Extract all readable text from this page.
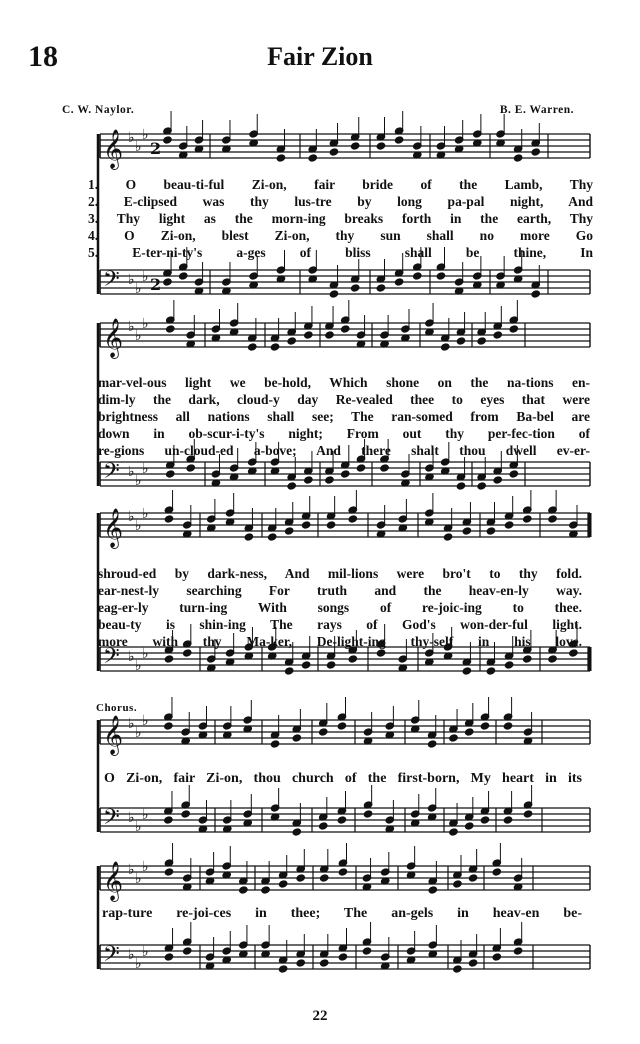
18	Fair Zion
C. W. Naylor.	B. E. Warren.
𝄞 ♭
♭
♭
2
𝄢 ♭
♭
♭ 2
𝄞 ♭
♭
♭
𝄢 ♭
♭
♭
𝄞 ♭
♭
♭
𝄢 ♭
♭
♭
𝄞 ♭
♭
♭
𝄢 ♭
♭
♭
𝄞 ♭
♭
♭
𝄢 ♭
♭
♭
1. O beau-ti-ful Zi-on, fair bride of the Lamb, Thy
2. E-clipsed was thy lus-tre by long pa-pal night, And
3. Thy light as the morn-ing breaks forth in the earth, Thy
4. O Zi-on, blest Zi-on, thy sun shall no more Go
5. E-ter-ni-ty's a-ges of bliss shall be thine, In
mar-vel-ous light we be-hold, Which shone on the na-tions en-
dim-ly the dark, cloud-y day Re-vealed thee to eyes that were
brightness all nations shall see; The ran-somed from Ba-bel are
down in ob-scur-i-ty's night; From out thy per-fec-tion of
re-gions un-cloud-ed a-bove; And there shalt thou dwell ev-er-
shroud-ed by dark-ness, And mil-lions were bro't to thy fold.
ear-nest-ly searching For truth and the heav-en-ly way.
eag-er-ly turn-ing With songs of re-joic-ing to thee.
beau-ty is shin-ing The rays of God's won-der-ful light.
more with thy Ma-ker, De-light-ing thy-self in his love.
Chorus.
O Zi-on, fair Zi-on, thou church of the first-born, My heart in its
rap-ture re-joi-ces in thee; The an-gels in heav-en be-
22
